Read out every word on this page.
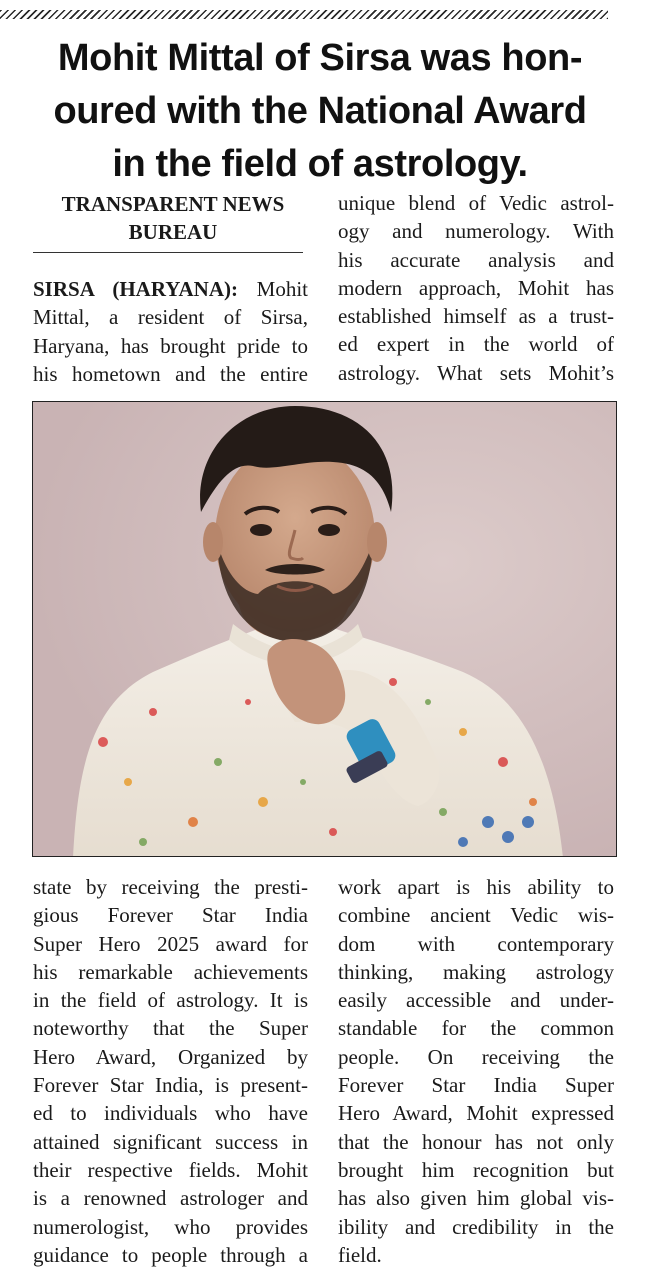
Mohit Mittal of Sirsa was hon-
oured with the National Award
in the field of astrology.
TRANSPARENT NEWS
BUREAU
SIRSA (HARYANA): Mohit
Mittal, a resident of Sirsa,
Haryana, has brought pride to
his hometown and the entire
unique blend of Vedic astrol-
ogy and numerology. With
his accurate analysis and
modern approach, Mohit has
established himself as a trust-
ed expert in the world of
astrology. What sets Mohit’s
state by receiving the presti-
gious Forever Star India
Super Hero 2025 award for
his remarkable achievements
in the field of astrology. It is
noteworthy that the Super
Hero Award, Organized by
Forever Star India, is present-
ed to individuals who have
attained significant success in
their respective fields. Mohit
is a renowned astrologer and
numerologist, who provides
guidance to people through a
work apart is his ability to
combine ancient Vedic wis-
dom with contemporary
thinking, making astrology
easily accessible and under-
standable for the common
people. On receiving the
Forever Star India Super
Hero Award, Mohit expressed
that the honour has not only
brought him recognition but
has also given him global vis-
ibility and credibility in the
field.
